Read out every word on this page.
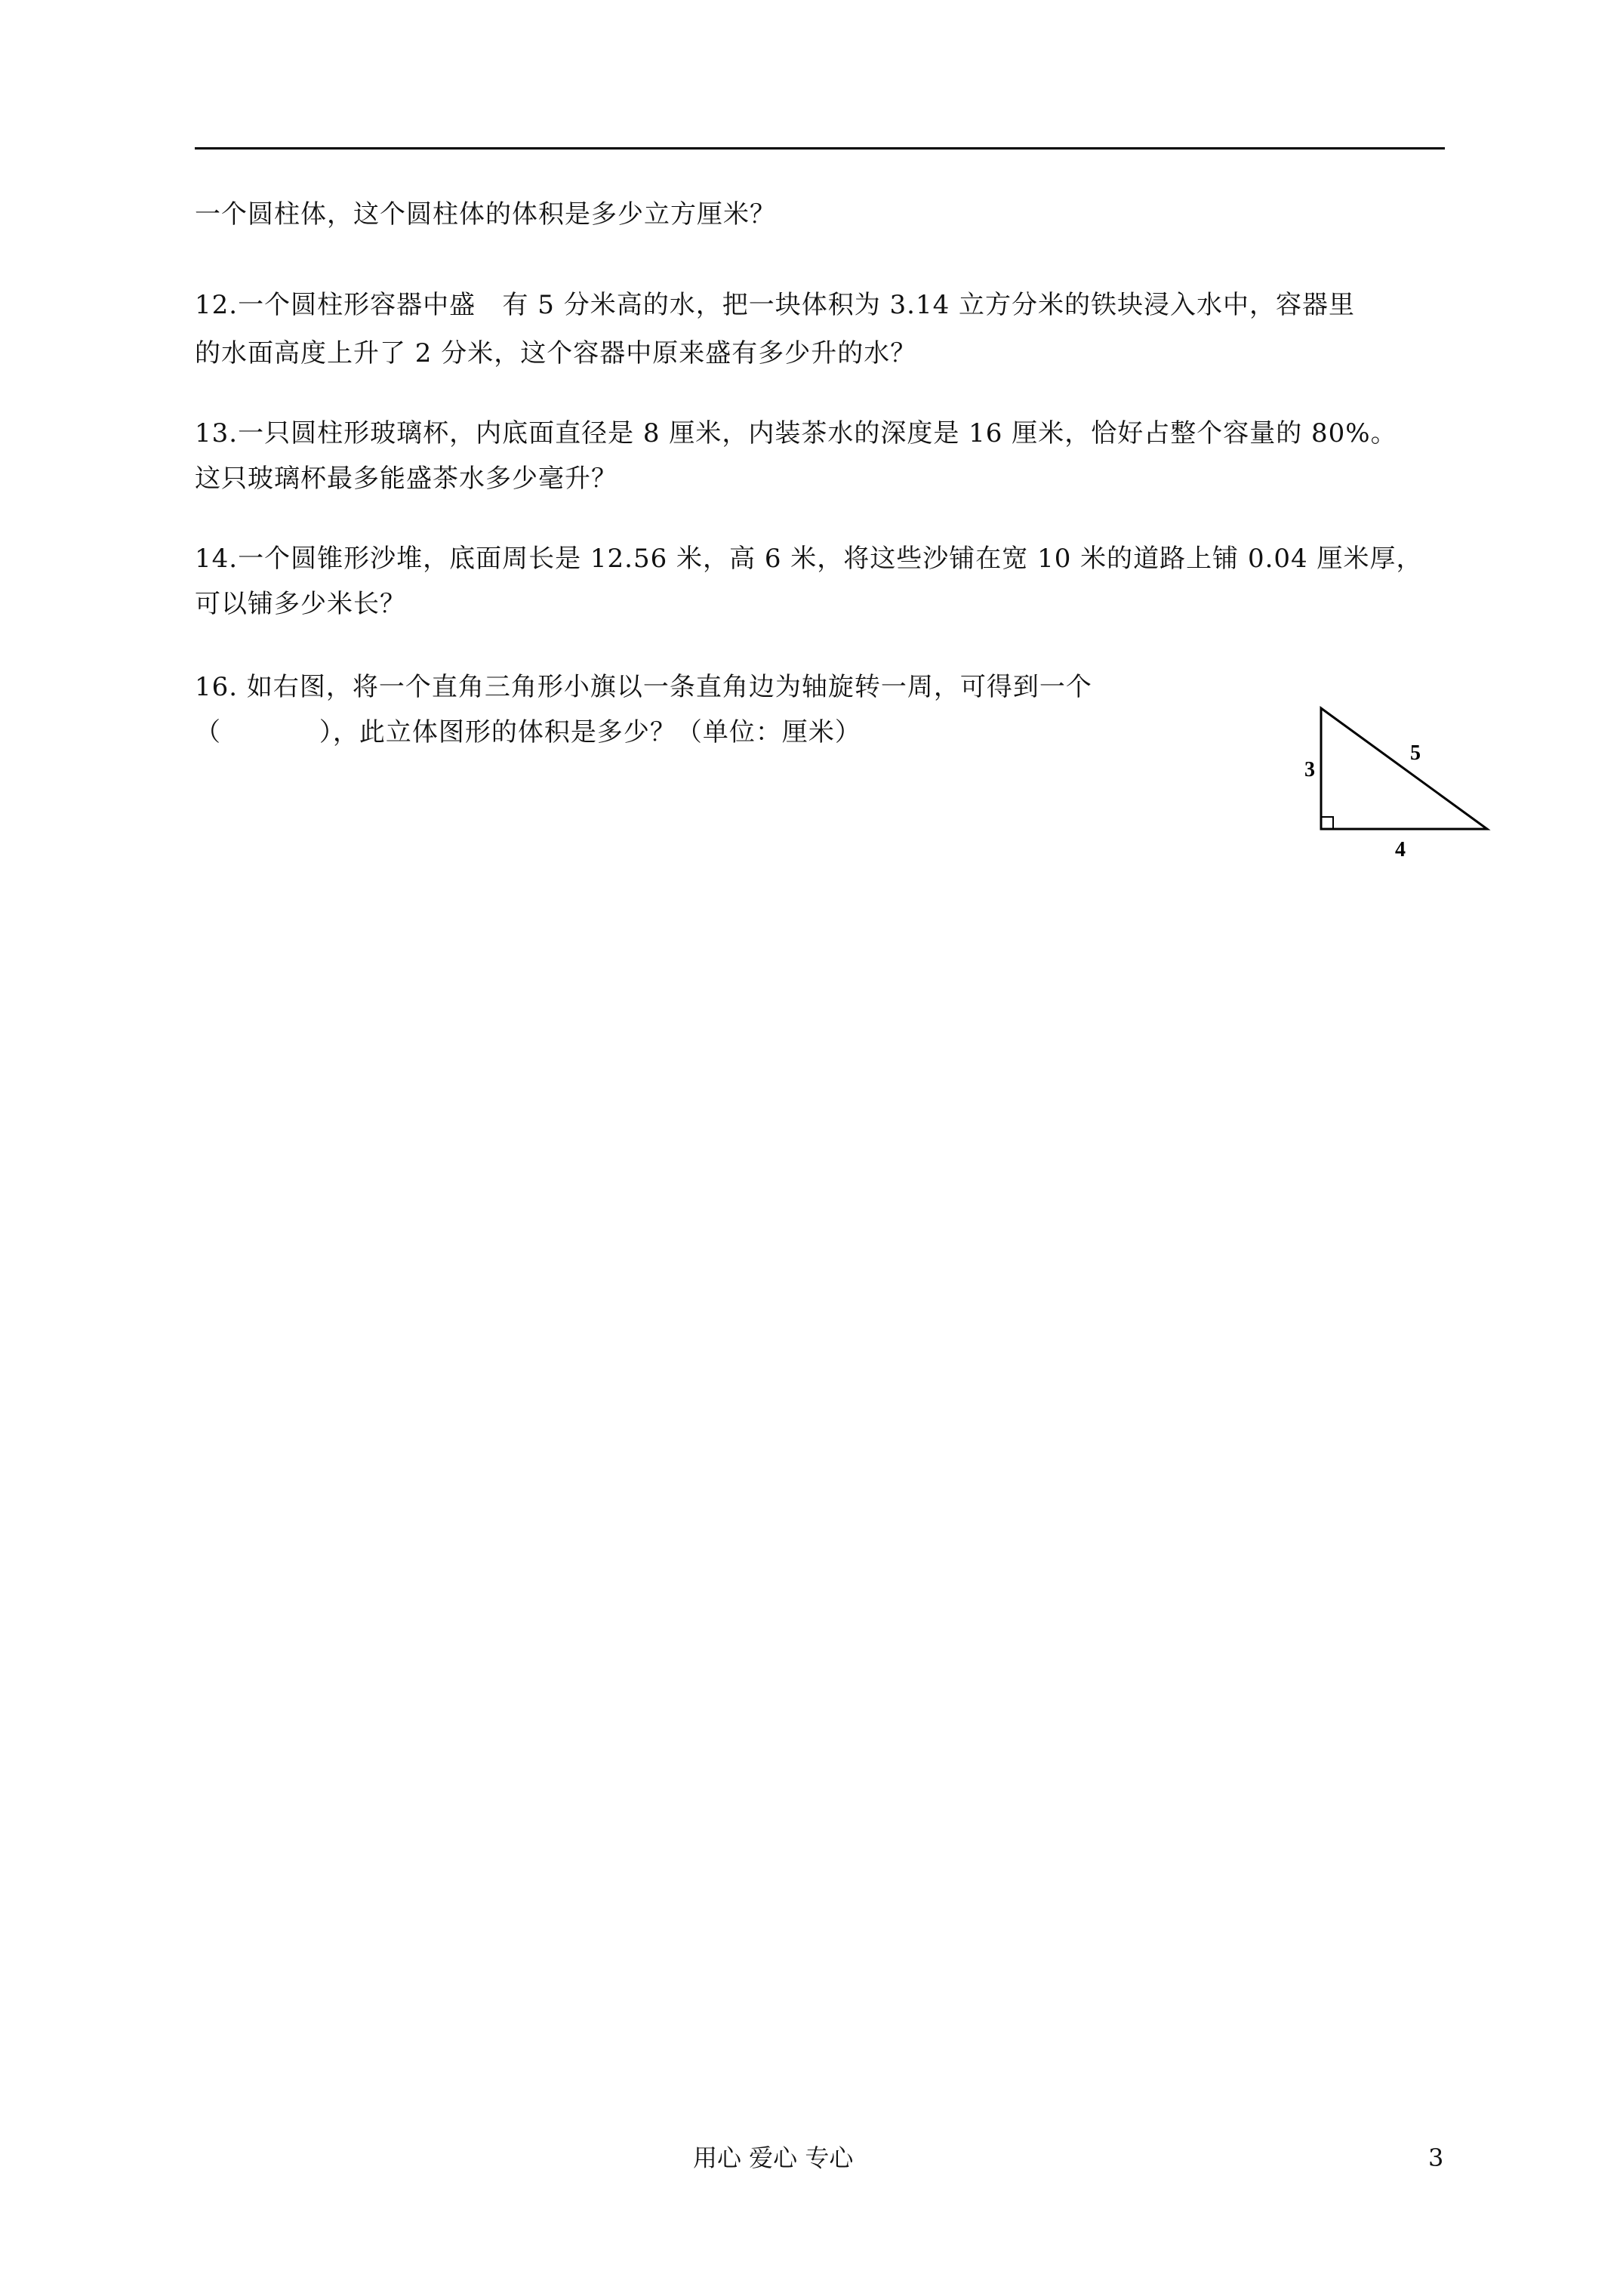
一个圆柱体，这个圆柱体的体积是多少立方厘米？
12.一个圆柱形容器中盛   有 5 分米高的水，把一块体积为 3.14 立方分米的铁块浸入水中，容器里
的水面高度上升了 2 分米，这个容器中原来盛有多少升的水？
13.一只圆柱形玻璃杯，内底面直径是 8 厘米，内装茶水的深度是 16 厘米，恰好占整个容量的 80%。
这只玻璃杯最多能盛茶水多少毫升？
14.一个圆锥形沙堆，底面周长是 12.56 米，高 6 米，将这些沙铺在宽 10 米的道路上铺 0.04 厘米厚，
可以铺多少米长？
16. 如右图，将一个直角三角形小旗以一条直角边为轴旋转一周，可得到一个
（           ），此立体图形的体积是多少？（单位：厘米）
3
5
4
用心 爱心 专心	3
